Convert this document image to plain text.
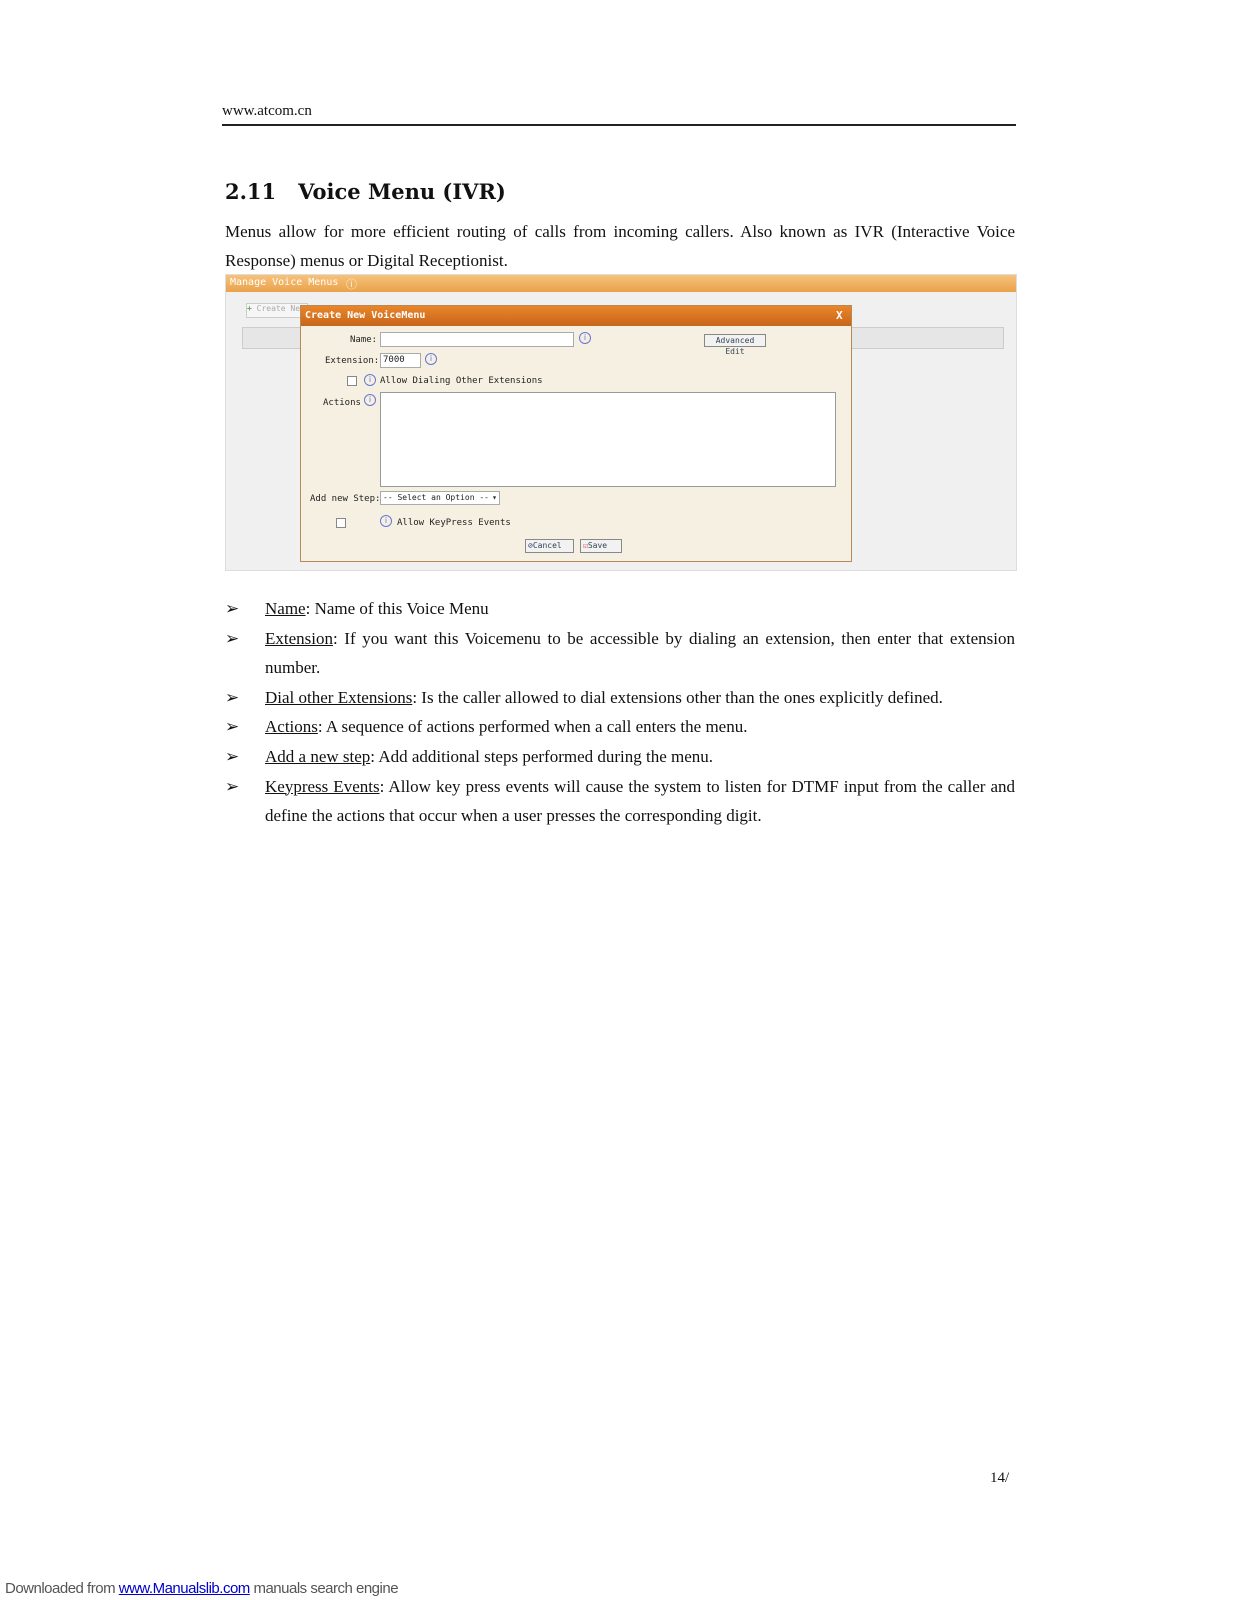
www.atcom.cn
2.11 Voice Menu (IVR)
Menus allow for more efficient routing of calls from incoming callers. Also known as IVR (Interactive Voice Response) menus or Digital Receptionist.
Manage Voice Menus ⓘ
+ Create Ne
Create New VoiceMenu	X
Name:	i	Advanced Edit
Extension: 7000	i
i Allow Dialing Other Extensions
Actions i
Add new Step: -- Select an Option -- ▾
i	Allow KeyPress Events
⊘Cancel	☑Save
➢ Name: Name of this Voice Menu
➢ Extension: If you want this Voicemenu to be accessible by dialing an extension, then enter that extension number.
➢ Dial other Extensions: Is the caller allowed to dial extensions other than the ones explicitly defined.
➢ Actions: A sequence of actions performed when a call enters the menu.
➢ Add a new step: Add additional steps performed during the menu.
➢ Keypress Events: Allow key press events will cause the system to listen for DTMF input from the caller and define the actions that occur when a user presses the corresponding digit.
14/
Downloaded from www.Manualslib.com manuals search engine
